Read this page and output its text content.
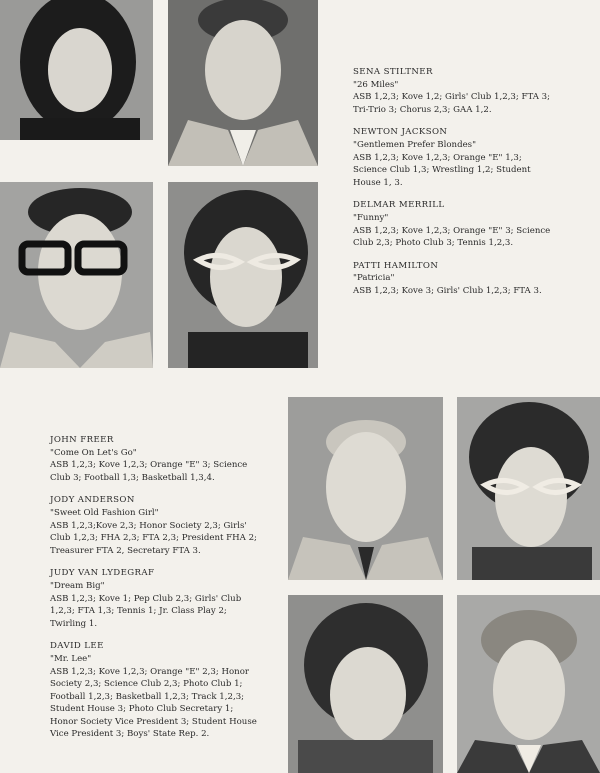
SENA STILTNER

"26 Miles"

ASB 1,2,3; Kove 1,2; Girls' Club 1,2,3; FTA 3; Tri-Trio 3; Chorus 2,3; GAA 1,2.

NEWTON JACKSON

"Gentlemen Prefer Blondes"

ASB 1,2,3; Kove 1,2,3; Orange "E" 1,3; Science Club 1,3; Wrestling 1,2; Student House 1, 3.

DELMAR MERRILL

"Funny"

ASB 1,2,3; Kove 1,2,3; Orange "E" 3; Science Club 2,3; Photo Club 3; Tennis 1,2,3.

PATTI HAMILTON

"Patricia"

ASB 1,2,3; Kove 3; Girls' Club 1,2,3; FTA 3.

JOHN FREER

"Come On Let's Go"

ASB 1,2,3; Kove 1,2,3; Orange "E" 3; Science Club 3; Football 1,3; Basketball 1,3,4.

JODY ANDERSON

"Sweet Old Fashion Girl"

ASB 1,2,3;Kove 2,3; Honor Society 2,3; Girls' Club 1,2,3; FHA 2,3; FTA 2,3; President FHA 2; Treasurer FTA 2, Secretary FTA 3.

JUDY VAN LYDEGRAF

"Dream Big"

ASB 1,2,3; Kove 1; Pep Club 2,3; Girls' Club 1,2,3; FTA 1,3; Tennis 1; Jr. Class Play 2; Twirling 1.

DAVID LEE

"Mr. Lee"

ASB 1,2,3; Kove 1,2,3; Orange "E" 2,3; Honor Society 2,3; Science Club 2,3; Photo Club 1; Football 1,2,3; Basketball 1,2,3; Track 1,2,3; Student House 3; Photo Club Secretary 1; Honor Society Vice President 3; Student House Vice President 3; Boys' State Rep. 2.
